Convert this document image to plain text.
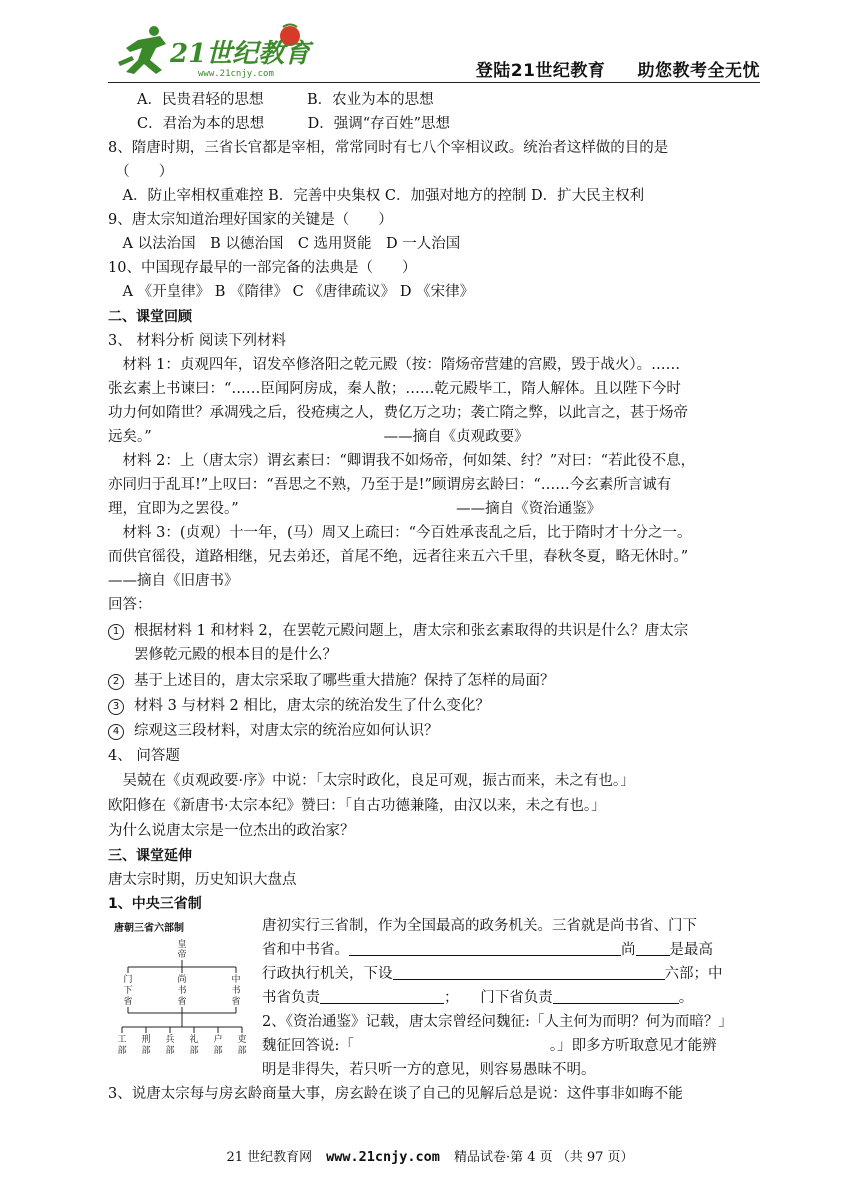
21世纪教育
www.21cnjy.com	登陆21世纪教育 助您教考全无忧
　　A．民贵君轻的思想　　　B．农业为本的思想
　　C．君治为本的思想　　　D．强调“存百姓”思想
8、隋唐时期，三省长官都是宰相，常常同时有七八个宰相议政。统治者这样做的目的是
　（　　）
　A．防止宰相权重难控 B．完善中央集权 C．加强对地方的控制 D．扩大民主权利
9、唐太宗知道治理好国家的关键是（　　）
　A 以法治国　B 以德治国　C 选用贤能　D 一人治国
10、中国现存最早的一部完备的法典是（　　）
　A 《开皇律》 B 《隋律》 C 《唐律疏议》 D 《宋律》
二、课堂回顾
3、 材料分析 阅读下列材料
　材料 1：贞观四年，诏发卒修洛阳之乾元殿（按：隋炀帝营建的宫殿，毁于战火）。……
张玄素上书谏曰：“……臣闻阿房成，秦人散；……乾元殿毕工，隋人解体。且以陛下今时
功力何如隋世？承凋残之后，役疮痍之人，费亿万之功；袭亡隋之弊，以此言之，甚于炀帝
远矣。”　　　　　　　　　　　　　　　　——摘自《贞观政要》
　材料 2：上（唐太宗）谓玄素曰：“卿谓我不如炀帝，何如桀、纣？”对曰：“若此役不息，
亦同归于乱耳!”上叹曰：“吾思之不熟，乃至于是!”顾谓房玄龄曰：“……今玄素所言诚有
理，宜即为之罢役。”　　　　　　　　　　　　　　　——摘自《资治通鉴》
　材料 3：(贞观）十一年，(马）周又上疏曰：“今百姓承丧乱之后，比于隋时才十分之一。
而供官徭役，道路相继，兄去弟还，首尾不绝，远者往来五六千里，春秋冬夏，略无休时。”
——摘自《旧唐书》
回答：
1 根据材料 1 和材料 2，在罢乾元殿问题上，唐太宗和张玄素取得的共识是什么？唐太宗
罢修乾元殿的根本目的是什么？
2 基于上述目的，唐太宗采取了哪些重大措施？保持了怎样的局面？
3 材料 3 与材料 2 相比，唐太宗的统治发生了什么变化？
4 综观这三段材料，对唐太宗的统治应如何认识？
4、 问答题
　吴兢在《贞观政要·序》中说：「太宗时政化，良足可观，振古而来，未之有也。」
欧阳修在《新唐书·太宗本纪》赞曰：「自古功德兼隆，由汉以来，未之有也。」
为什么说唐太宗是一位杰出的政治家？
三、课堂延伸
唐太宗时期，历史知识大盘点
1、中央三省制
唐朝三省六部制
皇帝
门下省
尚书省
中书省
工部
刑部
兵部
礼部
户部
吏部
唐初实行三省制，作为全国最高的政务机关。三省就是尚书省、门下
省和中书省。	尚 是最高
行政执行机关，下设	六部；中
书省负责	；　　门下省负责	。
2、《资治通鉴》记载，唐太宗曾经问魏征:「人主何为而明？何为而暗？」
魏征回答说:「	。」即多方听取意见才能辨
明是非得失，若只听一方的意见，则容易愚昧不明。
3、说唐太宗每与房玄龄商量大事，房玄龄在谈了自己的见解后总是说：这件事非如晦不能
21 世纪教育网 www.21cnjy.com 精品试卷·第 4 页 （共 97 页）
